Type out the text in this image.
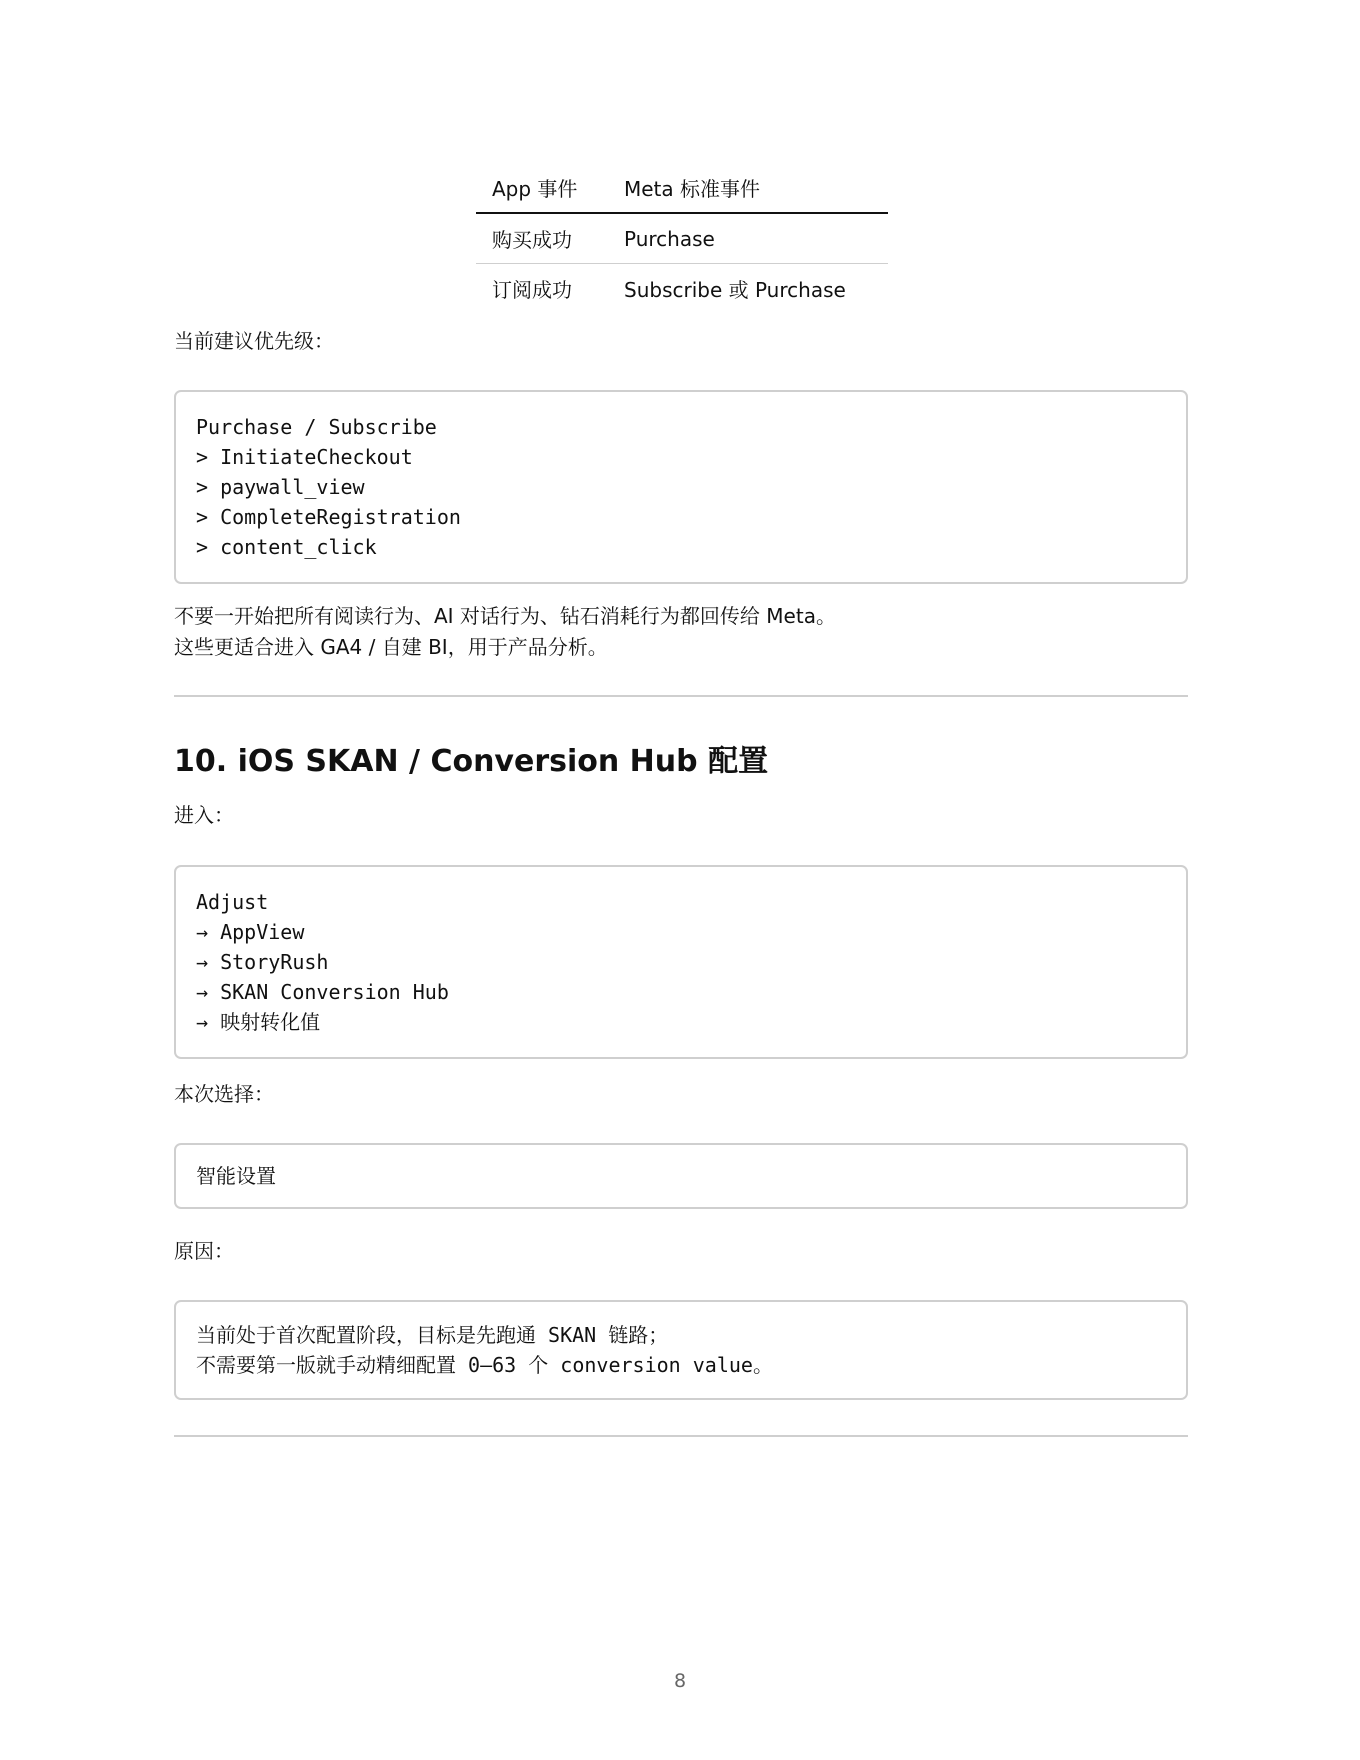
App 事件	Meta 标准事件
购买成功	Purchase
订阅成功	Subscribe 或 Purchase
当前建议优先级：
Purchase / Subscribe
> InitiateCheckout
> paywall_view
> CompleteRegistration
> content_click
不要一开始把所有阅读行为、AI 对话行为、钻石消耗行为都回传给 Meta。
这些更适合进入 GA4 / 自建 BI，用于产品分析。
10. iOS SKAN / Conversion Hub 配置
进入：
Adjust
→ AppView
→ StoryRush
→ SKAN Conversion Hub
→ 映射转化值
本次选择：
智能设置
原因：
当前处于首次配置阶段，目标是先跑通 SKAN 链路；
不需要第一版就手动精细配置 0–63 个 conversion value。
8
